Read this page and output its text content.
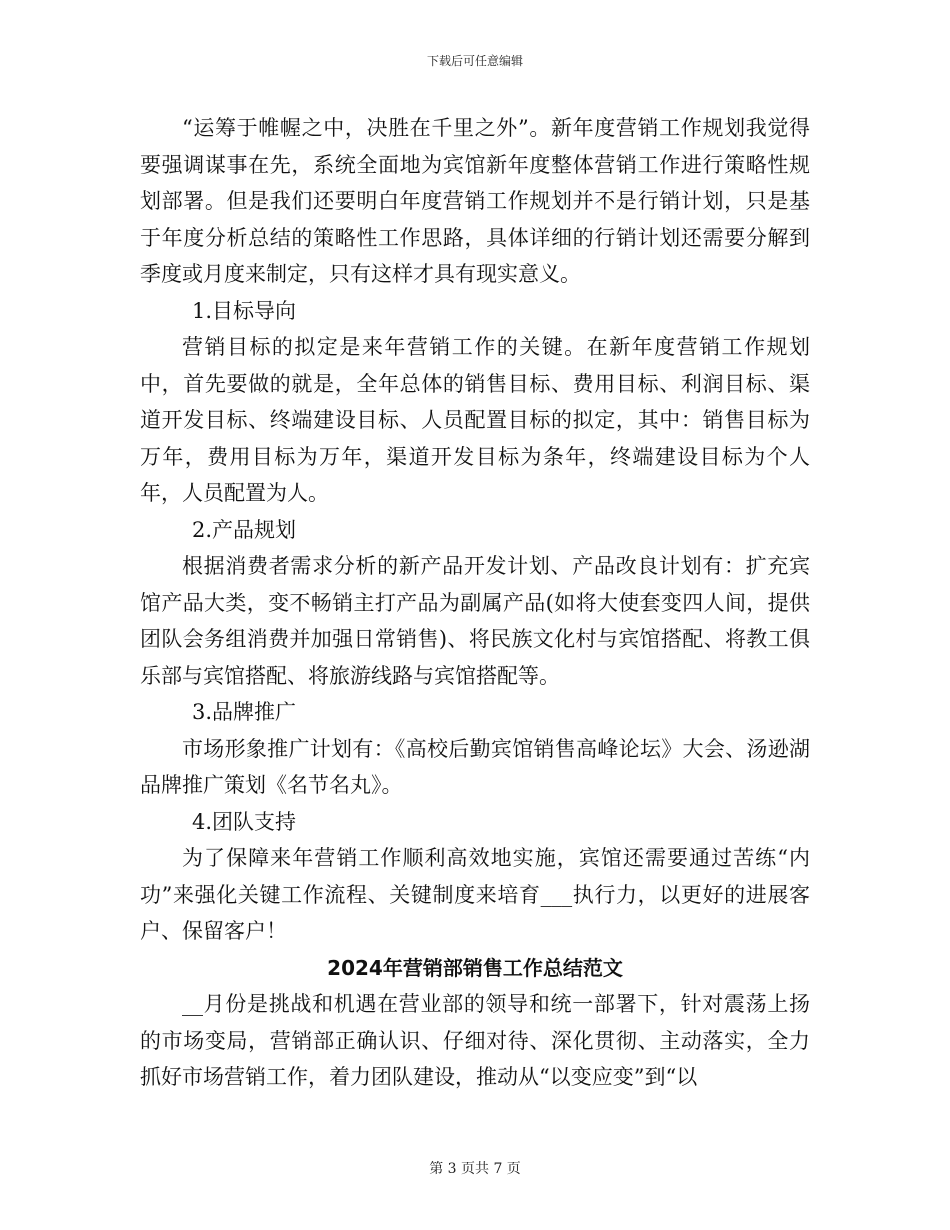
下载后可任意编辑

“运筹于帷幄之中，决胜在千里之外”。新年度营销工作规划我觉得要强调谋事在先，系统全面地为宾馆新年度整体营销工作进行策略性规划部署。但是我们还要明白年度营销工作规划并不是行销计划，只是基于年度分析总结的策略性工作思路，具体详细的行销计划还需要分解到季度或月度来制定，只有这样才具有现实意义。

1.目标导向

营销目标的拟定是来年营销工作的关键。在新年度营销工作规划中，首先要做的就是，全年总体的销售目标、费用目标、利润目标、渠道开发目标、终端建设目标、人员配置目标的拟定，其中：销售目标为万年，费用目标为万年，渠道开发目标为条年，终端建设目标为个人年，人员配置为人。

2.产品规划

根据消费者需求分析的新产品开发计划、产品改良计划有：扩充宾馆产品大类，变不畅销主打产品为副属产品(如将大使套变四人间，提供团队会务组消费并加强日常销售)、将民族文化村与宾馆搭配、将教工俱乐部与宾馆搭配、将旅游线路与宾馆搭配等。

3.品牌推广

市场形象推广计划有：《高校后勤宾馆销售高峰论坛》大会、汤逊湖品牌推广策划《名节名丸》。

4.团队支持

为了保障来年营销工作顺利高效地实施，宾馆还需要通过苦练“内功”来强化关键工作流程、关键制度来培育___执行力，以更好的进展客户、保留客户！

2024年营销部销售工作总结范文

__月份是挑战和机遇在营业部的领导和统一部署下，针对震荡上扬的市场变局，营销部正确认识、仔细对待、深化贯彻、主动落实，全力抓好市场营销工作，着力团队建设，推动从“以变应变”到“以

第 3 页共 7 页
